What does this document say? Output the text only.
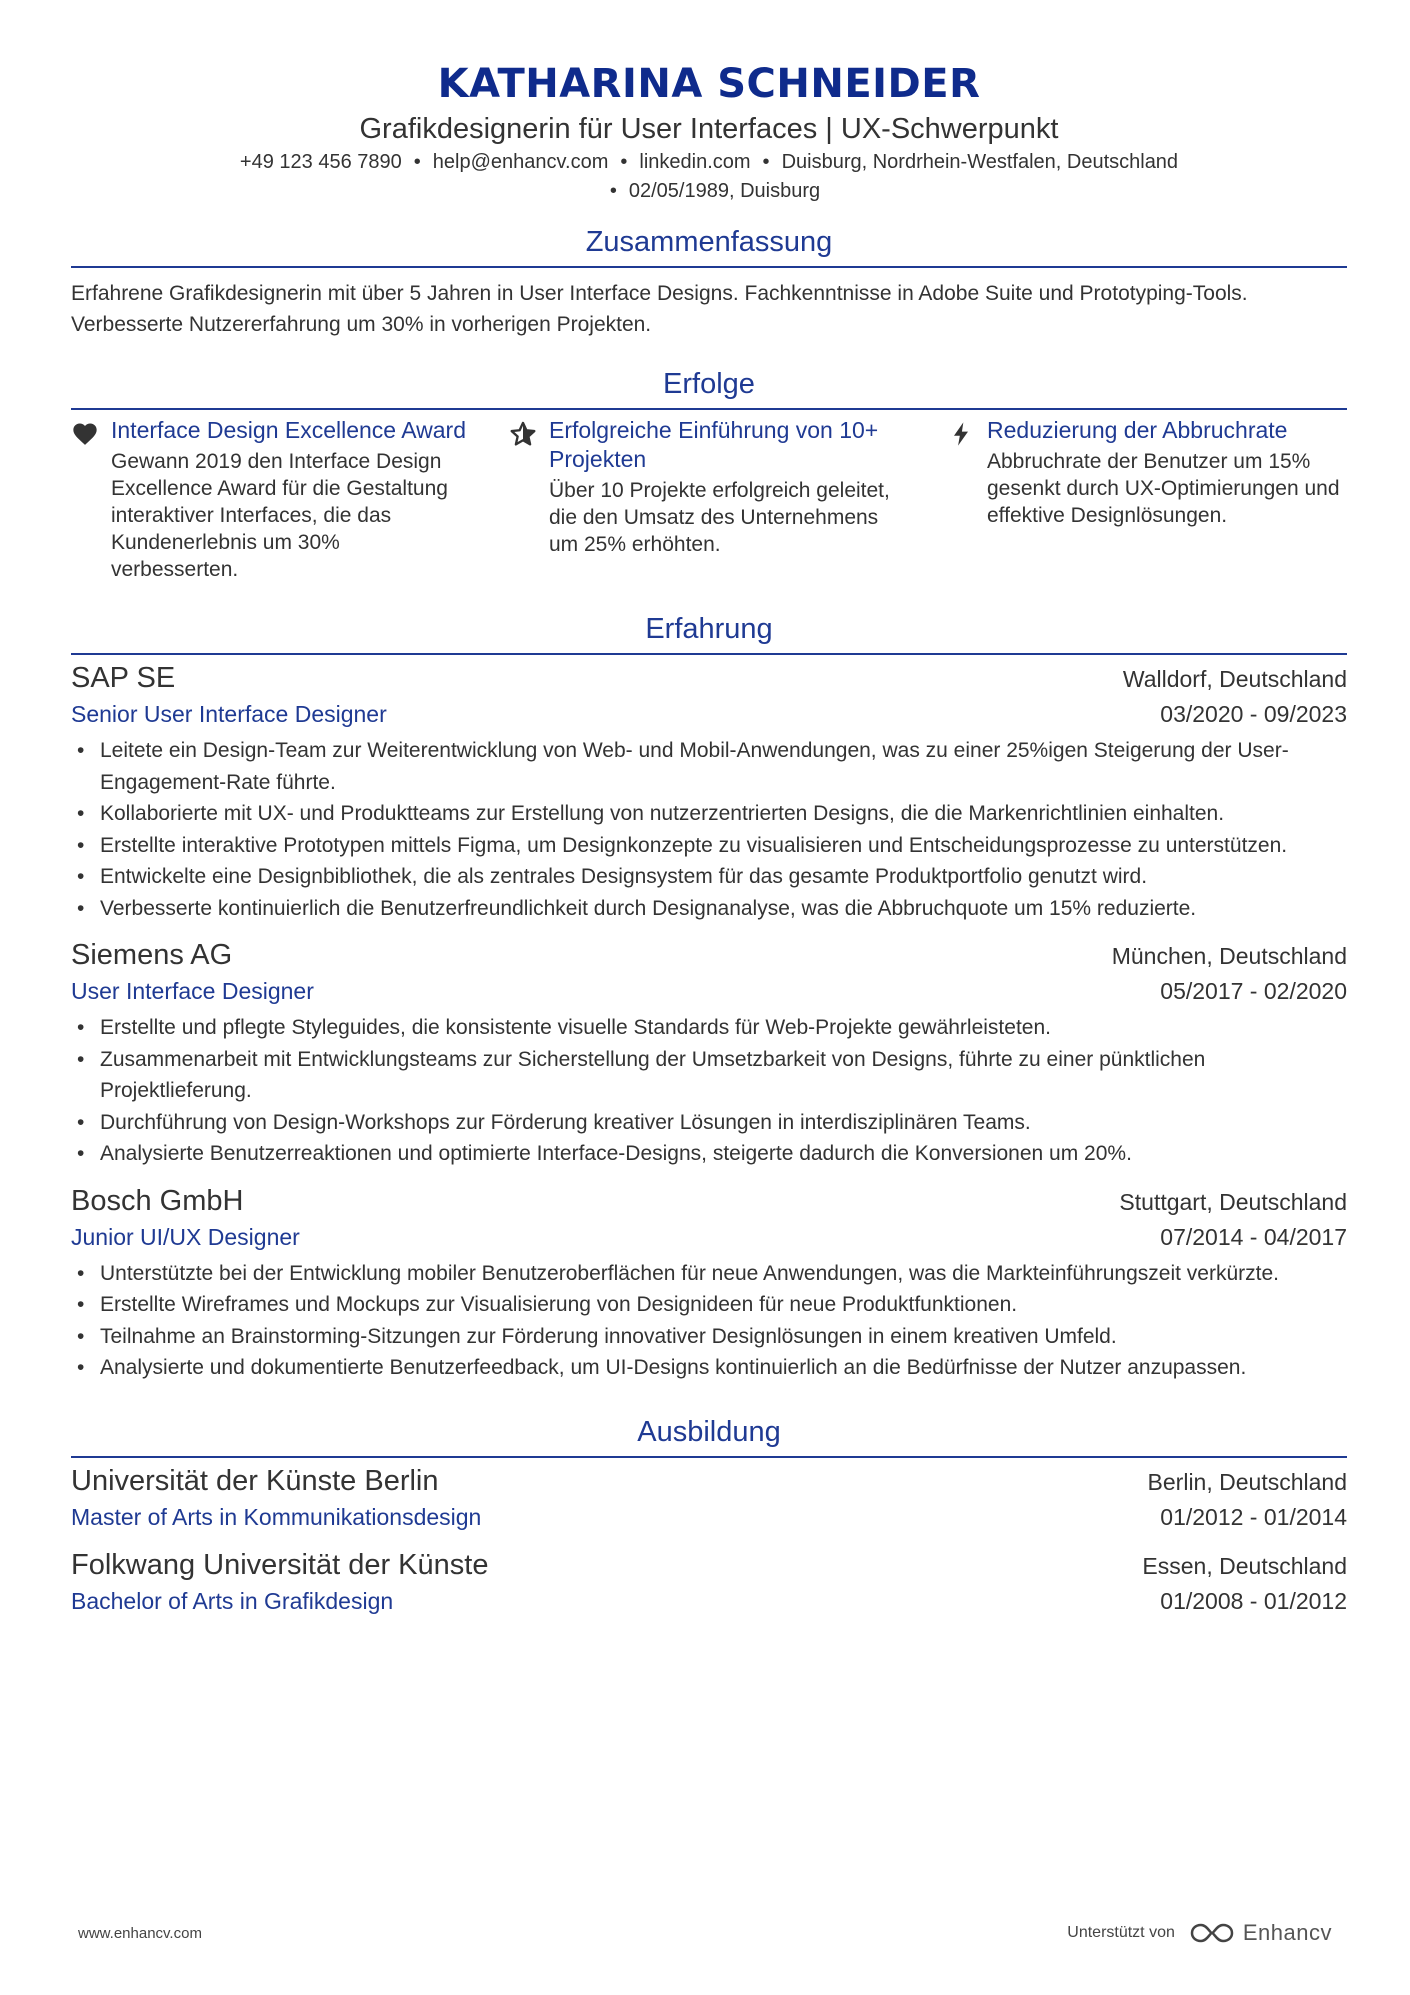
KATHARINA SCHNEIDER
Grafikdesignerin für User Interfaces | UX-Schwerpunkt
+49 123 456 7890 • help@enhancv.com • linkedin.com • Duisburg, Nordrhein-Westfalen, Deutschland
• 02/05/1989, Duisburg
Zusammenfassung
Erfahrene Grafikdesignerin mit über 5 Jahren in User Interface Designs. Fachkenntnisse in Adobe Suite und Prototyping-Tools. Verbesserte Nutzererfahrung um 30% in vorherigen Projekten.
Erfolge
Interface Design Excellence Award
Gewann 2019 den Interface Design Excellence Award für die Gestaltung interaktiver Interfaces, die das Kundenerlebnis um 30% verbesserten.
Erfolgreiche Einführung von 10+ Projekten
Über 10 Projekte erfolgreich geleitet, die den Umsatz des Unternehmens um 25% erhöhten.
Reduzierung der Abbruchrate
Abbruchrate der Benutzer um 15% gesenkt durch UX-Optimierungen und effektive Designlösungen.
Erfahrung
SAP SE	Walldorf, Deutschland
Senior User Interface Designer	03/2020 - 09/2023
• Leitete ein Design-Team zur Weiterentwicklung von Web- und Mobil-Anwendungen, was zu einer 25%igen Steigerung der User-Engagement-Rate führte.
• Kollaborierte mit UX- und Produktteams zur Erstellung von nutzerzentrierten Designs, die die Markenrichtlinien einhalten.
• Erstellte interaktive Prototypen mittels Figma, um Designkonzepte zu visualisieren und Entscheidungsprozesse zu unterstützen.
• Entwickelte eine Designbibliothek, die als zentrales Designsystem für das gesamte Produktportfolio genutzt wird.
• Verbesserte kontinuierlich die Benutzerfreundlichkeit durch Designanalyse, was die Abbruchquote um 15% reduzierte.
Siemens AG	München, Deutschland
User Interface Designer	05/2017 - 02/2020
• Erstellte und pflegte Styleguides, die konsistente visuelle Standards für Web-Projekte gewährleisteten.
• Zusammenarbeit mit Entwicklungsteams zur Sicherstellung der Umsetzbarkeit von Designs, führte zu einer pünktlichen Projektlieferung.
• Durchführung von Design-Workshops zur Förderung kreativer Lösungen in interdisziplinären Teams.
• Analysierte Benutzerreaktionen und optimierte Interface-Designs, steigerte dadurch die Konversionen um 20%.
Bosch GmbH	Stuttgart, Deutschland
Junior UI/UX Designer	07/2014 - 04/2017
• Unterstützte bei der Entwicklung mobiler Benutzeroberflächen für neue Anwendungen, was die Markteinführungszeit verkürzte.
• Erstellte Wireframes und Mockups zur Visualisierung von Designideen für neue Produktfunktionen.
• Teilnahme an Brainstorming-Sitzungen zur Förderung innovativer Designlösungen in einem kreativen Umfeld.
• Analysierte und dokumentierte Benutzerfeedback, um UI-Designs kontinuierlich an die Bedürfnisse der Nutzer anzupassen.
Ausbildung
Universität der Künste Berlin	Berlin, Deutschland
Master of Arts in Kommunikationsdesign	01/2012 - 01/2014
Folkwang Universität der Künste	Essen, Deutschland
Bachelor of Arts in Grafikdesign	01/2008 - 01/2012
www.enhancv.com	Unterstützt von	Enhancv
